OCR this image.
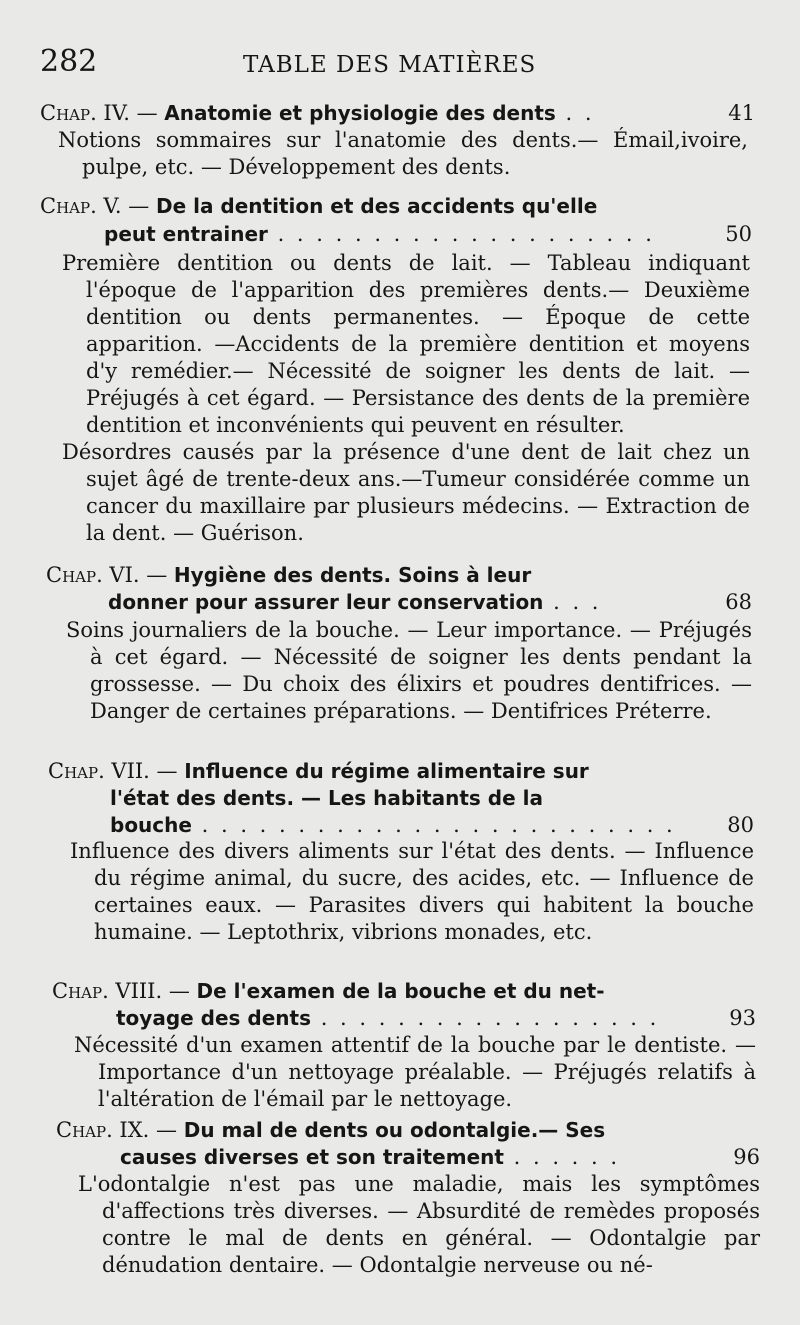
282	TABLE DES MATIÈRES
Chap. IV. — Anatomie et physiologie des dents . .	41

Notions sommaires sur l'anatomie des dents.— Émail,ivoire, pulpe, etc. — Développement des dents.

Chap. V. — De la dentition et des accidents qu'elle
peut entrainer . . . . . . . . . . . . . . . . . . . .	50

Première dentition ou dents de lait. — Tableau indiquant l'époque de l'apparition des premières dents.— Deuxième dentition ou dents permanentes. — Époque de cette apparition. —Accidents de la première dentition et moyens d'y remédier.— Nécessité de soigner les dents de lait. — Préjugés à cet égard. — Persistance des dents de la première dentition et inconvénients qui peuvent en résulter.

Désordres causés par la présence d'une dent de lait chez un sujet âgé de trente-deux ans.—Tumeur considérée comme un cancer du maxillaire par plusieurs médecins. — Extraction de la dent. — Guérison.

Chap. VI. — Hygiène des dents. Soins à leur
donner pour assurer leur conservation . . .	68

Soins journaliers de la bouche. — Leur importance. — Préjugés à cet égard. — Nécessité de soigner les dents pendant la grossesse. — Du choix des élixirs et poudres dentifrices. — Danger de certaines préparations. — Dentifrices Préterre.

Chap. VII. — Influence du régime alimentaire sur
l'état des dents. — Les habitants de la
bouche . . . . . . . . . . . . . . . . . . . . . . . . . 80

Influence des divers aliments sur l'état des dents. — Influence du régime animal, du sucre, des acides, etc. — Influence de certaines eaux. — Parasites divers qui habitent la bouche humaine. — Leptothrix, vibrions monades, etc.

Chap. VIII. — De l'examen de la bouche et du net-
toyage des dents . . . . . . . . . . . . . . . . . .	93

Nécessité d'un examen attentif de la bouche par le dentiste. — Importance d'un nettoyage préalable. — Préjugés relatifs à l'altération de l'émail par le nettoyage.

Chap. IX. — Du mal de dents ou odontalgie.— Ses
causes diverses et son traitement . . . . . .	96

L'odontalgie n'est pas une maladie, mais les symptômes d'affections très diverses. — Absurdité de remèdes proposés contre le mal de dents en général. — Odontalgie par dénudation dentaire. — Odontalgie nerveuse ou né-
